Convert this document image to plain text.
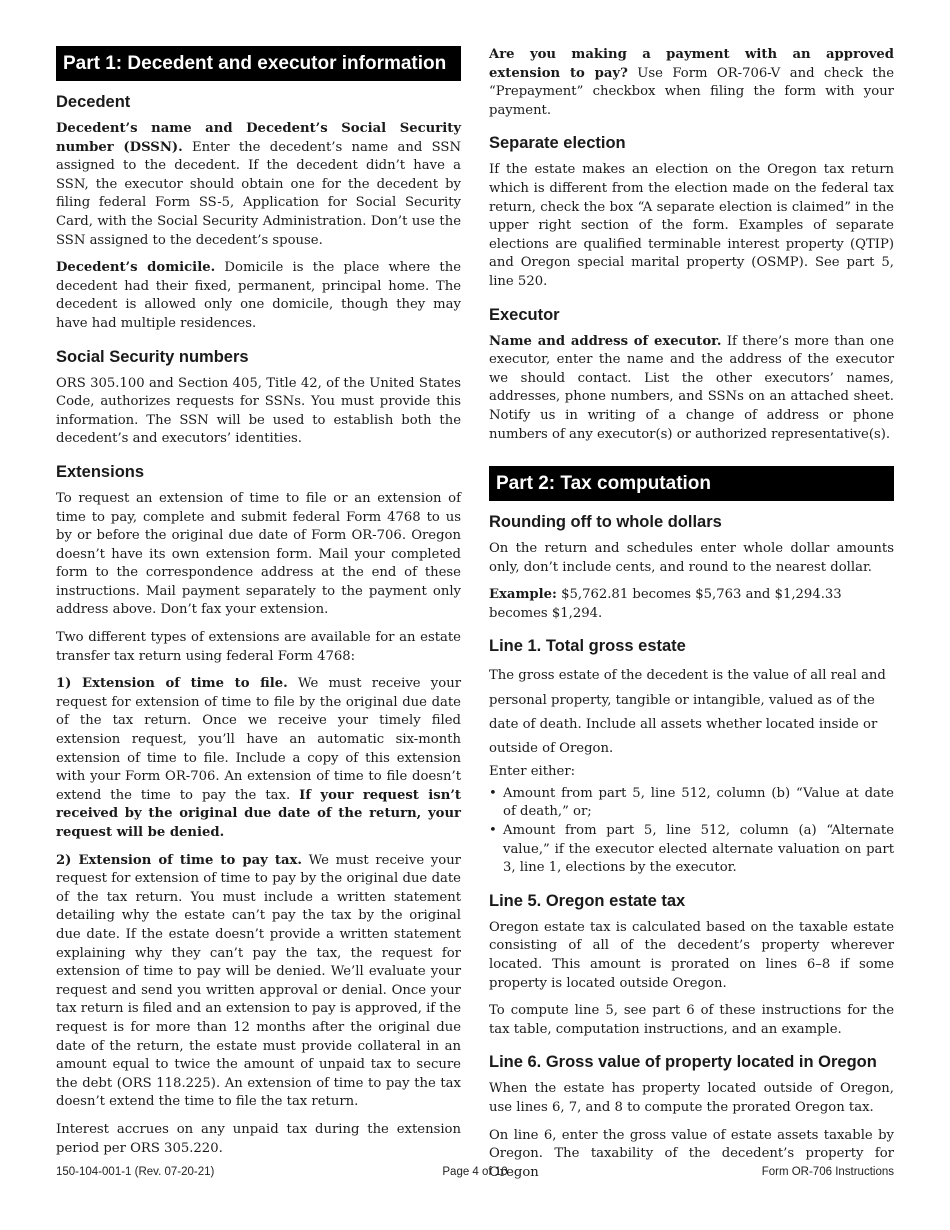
Part 1: Decedent and executor information
Decedent

Decedent’s name and Decedent’s Social Security number (DSSN). Enter the decedent’s name and SSN assigned to the decedent. If the decedent didn’t have a SSN, the executor should obtain one for the decedent by filing federal Form SS-5, Application for Social Security Card, with the Social Security Administration. Don’t use the SSN assigned to the decedent’s spouse.

Decedent’s domicile. Domicile is the place where the decedent had their fixed, permanent, principal home. The decedent is allowed only one domicile, though they may have had multiple residences.

Social Security numbers

ORS 305.100 and Section 405, Title 42, of the United States Code, authorizes requests for SSNs. You must provide this information. The SSN will be used to establish both the decedent’s and executors’ identities.

Extensions

To request an extension of time to file or an extension of time to pay, complete and submit federal Form 4768 to us by or before the original due date of Form OR-706. Oregon doesn’t have its own extension form. Mail your completed form to the correspondence address at the end of these instructions. Mail payment separately to the payment only address above. Don’t fax your extension.

Two different types of extensions are available for an estate transfer tax return using federal Form 4768:

1) Extension of time to file. We must receive your request for extension of time to file by the original due date of the tax return. Once we receive your timely filed extension request, you’ll have an automatic six-month extension of time to file. Include a copy of this extension with your Form OR-706. An extension of time to file doesn’t extend the time to pay the tax. If your request isn’t received by the original due date of the return, your request will be denied.

2) Extension of time to pay tax. We must receive your request for extension of time to pay by the original due date of the tax return. You must include a written statement detailing why the estate can’t pay the tax by the original due date. If the estate doesn’t provide a written statement explaining why they can’t pay the tax, the request for extension of time to pay will be denied. We’ll evaluate your request and send you written approval or denial. Once your tax return is filed and an extension to pay is approved, if the request is for more than 12 months after the original due date of the return, the estate must provide collateral in an amount equal to twice the amount of unpaid tax to secure the debt (ORS 118.225). An extension of time to pay the tax doesn’t extend the time to file the tax return.

Interest accrues on any unpaid tax during the extension period per ORS 305.220.

Are you making a payment with an approved extension to pay? Use Form OR-706-V and check the “Prepayment” checkbox when filing the form with your payment.

Separate election

If the estate makes an election on the Oregon tax return which is different from the election made on the federal tax return, check the box “A separate election is claimed” in the upper right section of the form. Examples of separate elections are qualified terminable interest property (QTIP) and Oregon special marital property (OSMP). See part 5, line 520.

Executor

Name and address of executor. If there’s more than one executor, enter the name and the address of the executor we should contact. List the other executors’ names, addresses, phone numbers, and SSNs on an attached sheet. Notify us in writing of a change of address or phone numbers of any executor(s) or authorized representative(s).

Part 2: Tax computation
Rounding off to whole dollars

On the return and schedules enter whole dollar amounts only, don’t include cents, and round to the nearest dollar.

Example: $5,762.81 becomes $5,763 and $1,294.33 becomes $1,294.

Line 1. Total gross estate

The gross estate of the decedent is the value of all real and personal property, tangible or intangible, valued as of the date of death. Include all assets whether located inside or outside of Oregon.

Enter either:

• Amount from part 5, line 512, column (b) “Value at date of death,” or;
• Amount from part 5, line 512, column (a) “Alternate value,” if the executor elected alternate valuation on part 3, line 1, elections by the executor.
Line 5. Oregon estate tax

Oregon estate tax is calculated based on the taxable estate consisting of all of the decedent’s property wherever located. This amount is prorated on lines 6–8 if some property is located outside Oregon.

To compute line 5, see part 6 of these instructions for the tax table, computation instructions, and an example.

Line 6. Gross value of property located in Oregon

When the estate has property located outside of Oregon, use lines 6, 7, and 8 to compute the prorated Oregon tax.

On line 6, enter the gross value of estate assets taxable by Oregon. The taxability of the decedent’s property for Oregon

150-104-001-1 (Rev. 07-20-21)	Page 4 of 10	Form OR-706 Instructions
